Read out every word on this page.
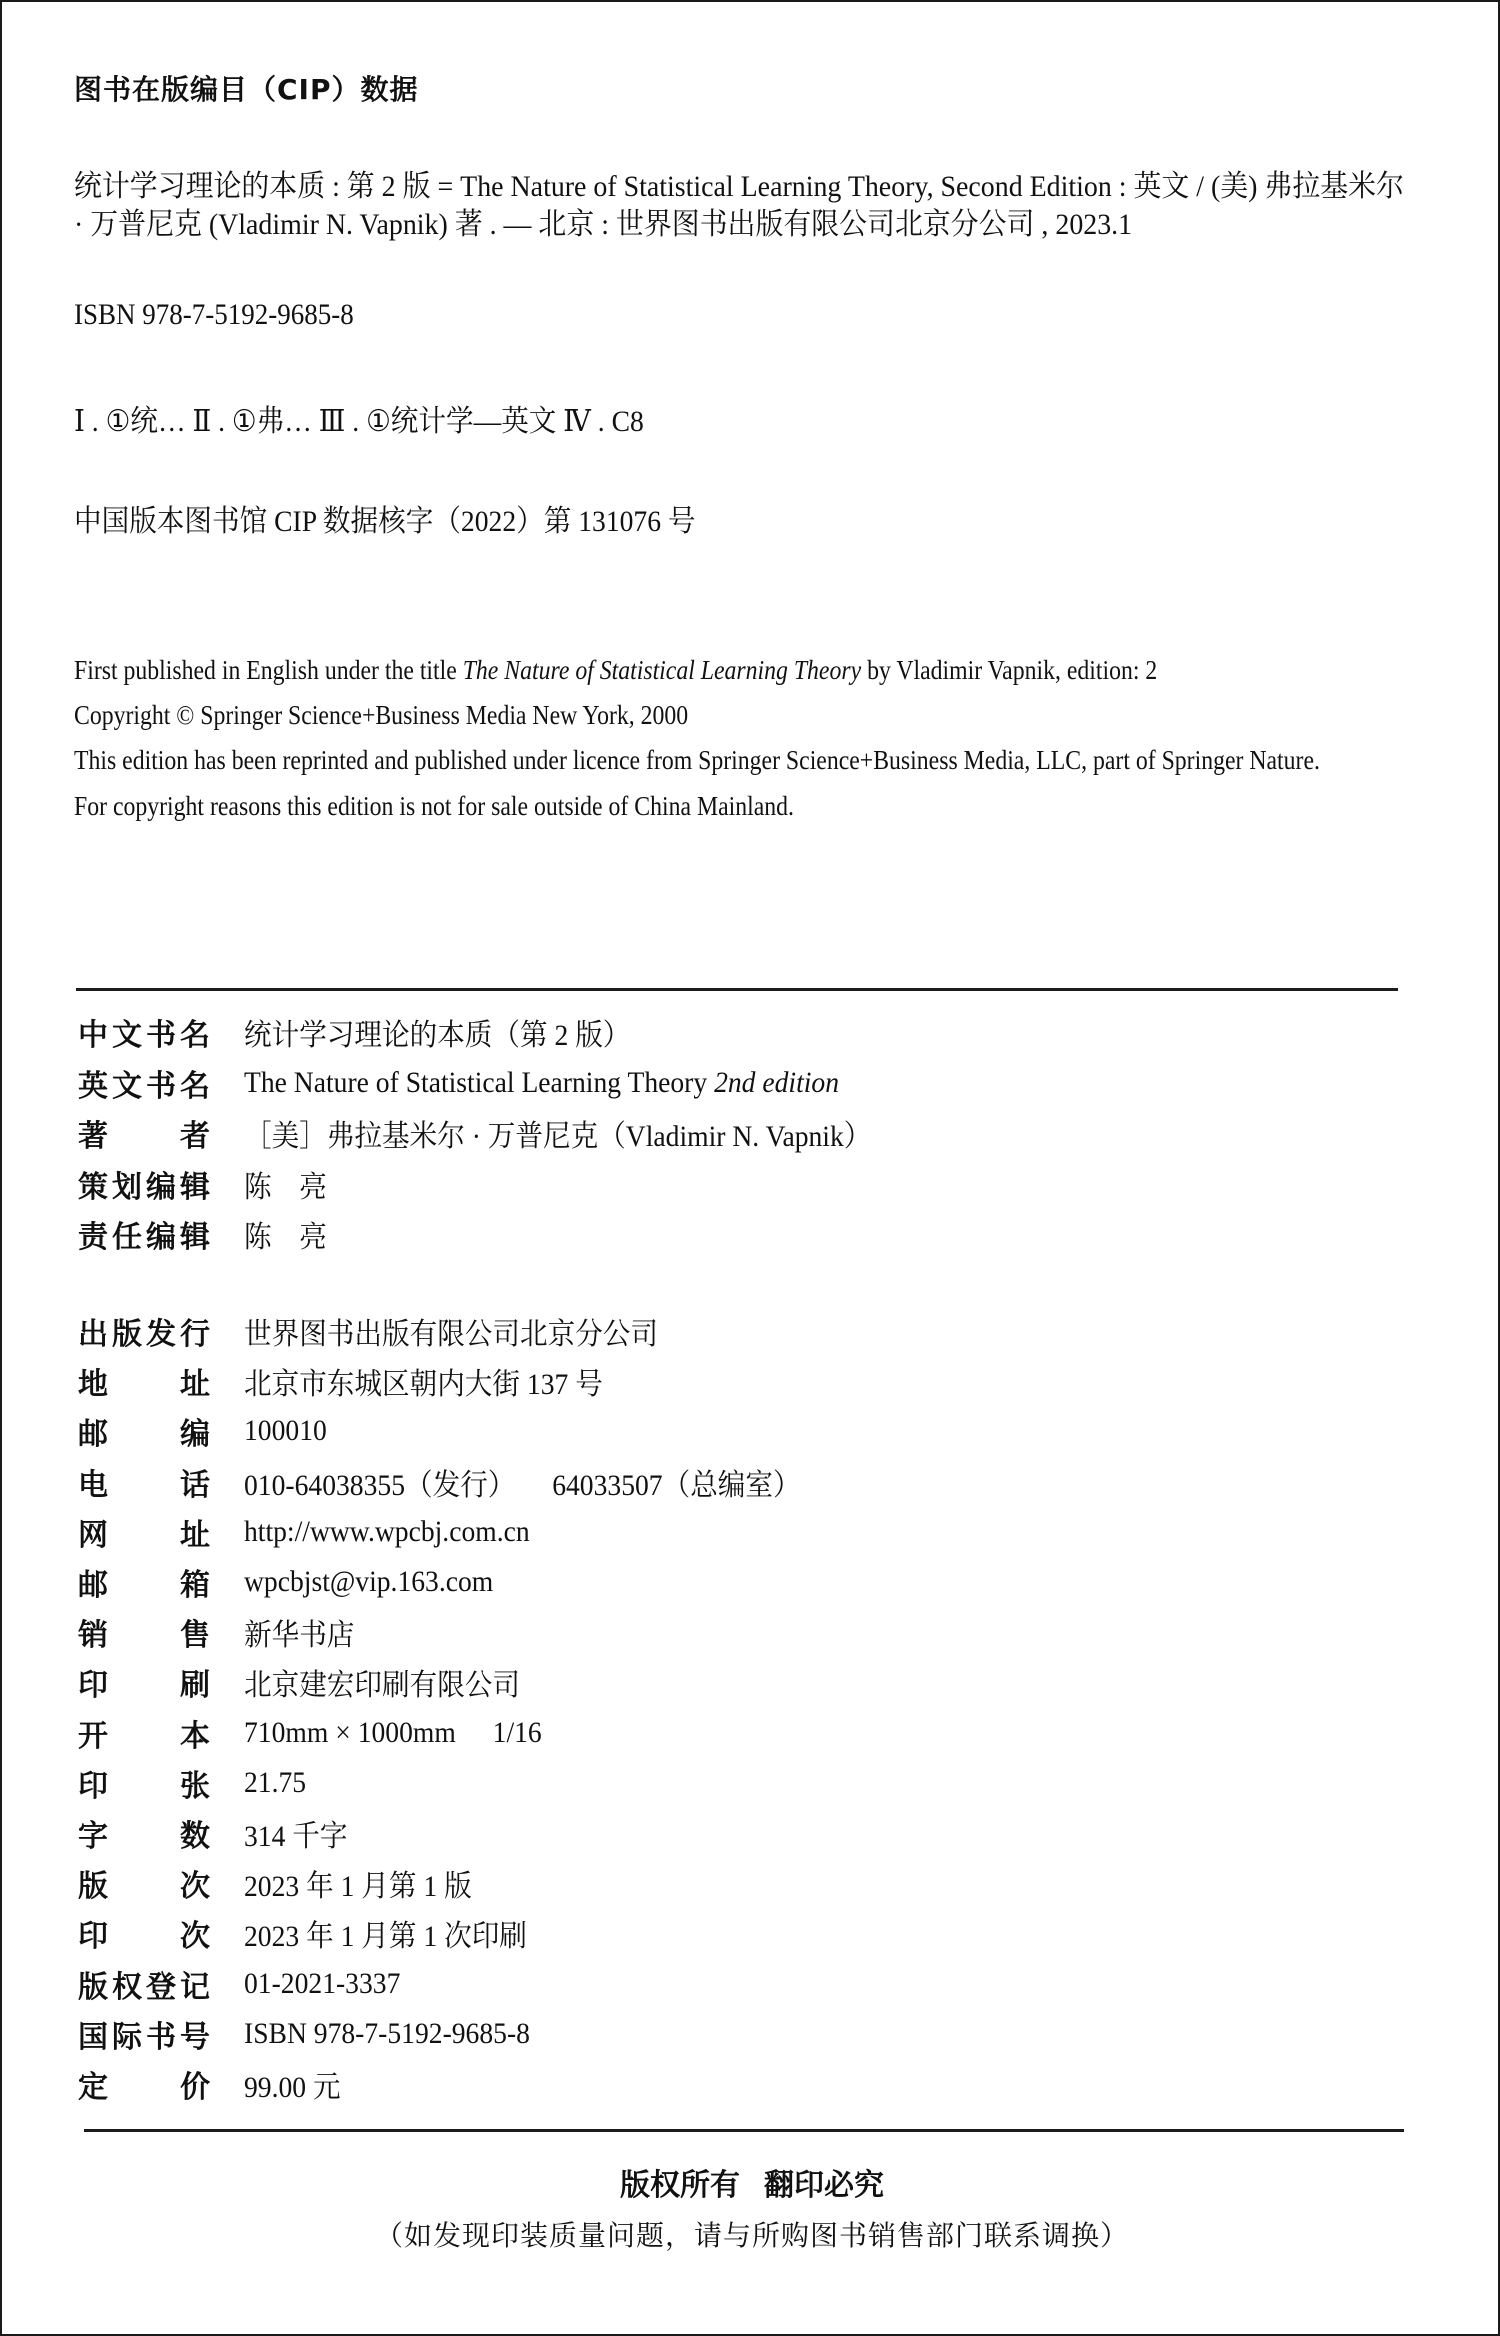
图书在版编目（CIP）数据
统计学习理论的本质 : 第 2 版 = The Nature of Statistical Learning Theory, Second Edition : 英文 / (美) 弗拉基米尔 · 万普尼克 (Vladimir N. Vapnik) 著 . — 北京 : 世界图书出版有限公司北京分公司 , 2023.1
ISBN 978-7-5192-9685-8
Ⅰ . ①统… Ⅱ . ①弗… Ⅲ . ①统计学—英文 Ⅳ . C8
中国版本图书馆 CIP 数据核字（2022）第 131076 号

First published in English under the title The Nature of Statistical Learning Theory by Vladimir Vapnik, edition: 2

Copyright © Springer Science+Business Media New York, 2000

This edition has been reprinted and published under licence from Springer Science+Business Media, LLC, part of Springer Nature.

For copyright reasons this edition is not for sale outside of China Mainland.

中 文 书 名 统计学习理论的本质（第 2 版）
英 文 书 名 The Nature of Statistical Learning Theory 2nd edition
著 者 ［美］弗拉基米尔 · 万普尼克（Vladimir N. Vapnik）
策 划 编 辑 陈　亮
责 任 编 辑 陈　亮
出 版 发 行 世界图书出版有限公司北京分公司
地 址 北京市东城区朝内大街 137 号
邮 编 100010
电 话 010-64038355（发行） 64033507（总编室）
网 址 http://www.wpcbj.com.cn
邮 箱 wpcbjst@vip.163.com
销 售 新华书店
印 刷 北京建宏印刷有限公司
开 本 710mm × 1000mm 1/16
印 张 21.75
字 数 314 千字
版 次 2023 年 1 月第 1 版
印 次 2023 年 1 月第 1 次印刷
版 权 登 记 01-2021-3337
国 际 书 号 ISBN 978-7-5192-9685-8
定 价 99.00 元
版权所有 翻印必究
（如发现印装质量问题，请与所购图书销售部门联系调换）
